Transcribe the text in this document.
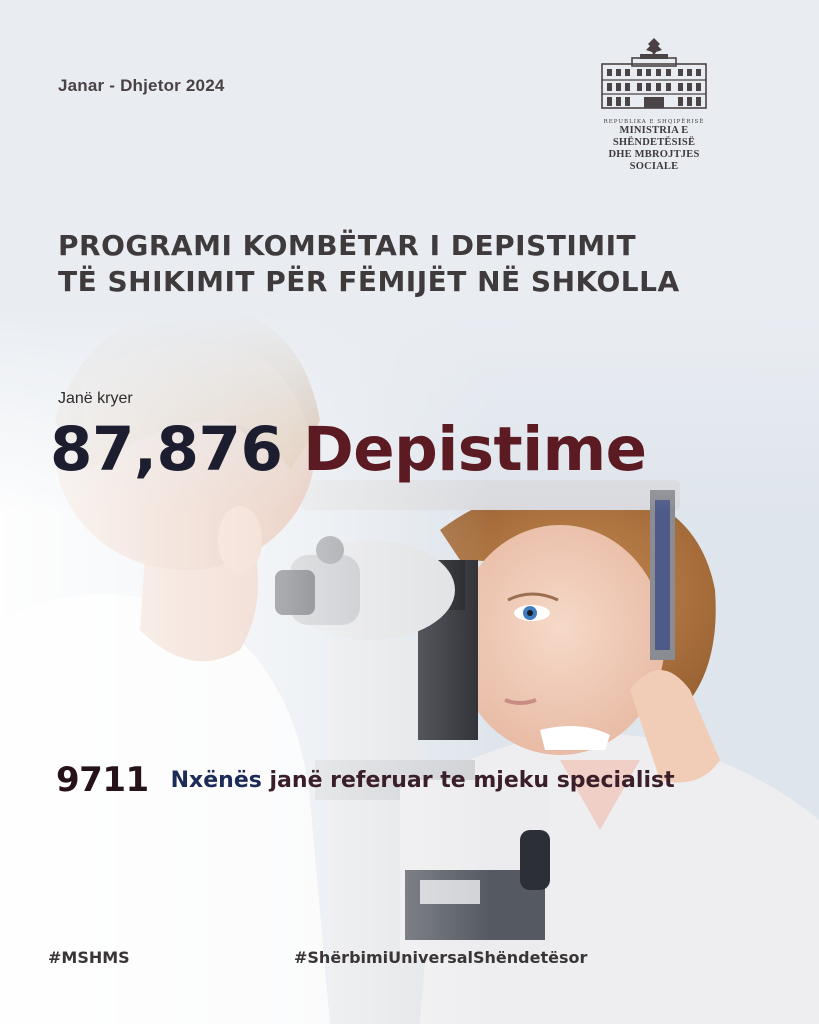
Janar - Dhjetor 2024
REPUBLIKA E SHQIPËRISË
MINISTRIA E SHËNDETËSISË
DHE MBROJTJES SOCIALE
PROGRAMI KOMBËTAR I DEPISTIMIT
TË SHIKIMIT PËR FËMIJËT NË SHKOLLA
Janë kryer
87,876 Depistime
9711 Nxënës janë referuar te mjeku specialist
#MSHMS	#ShërbimiUniversalShëndetësor
